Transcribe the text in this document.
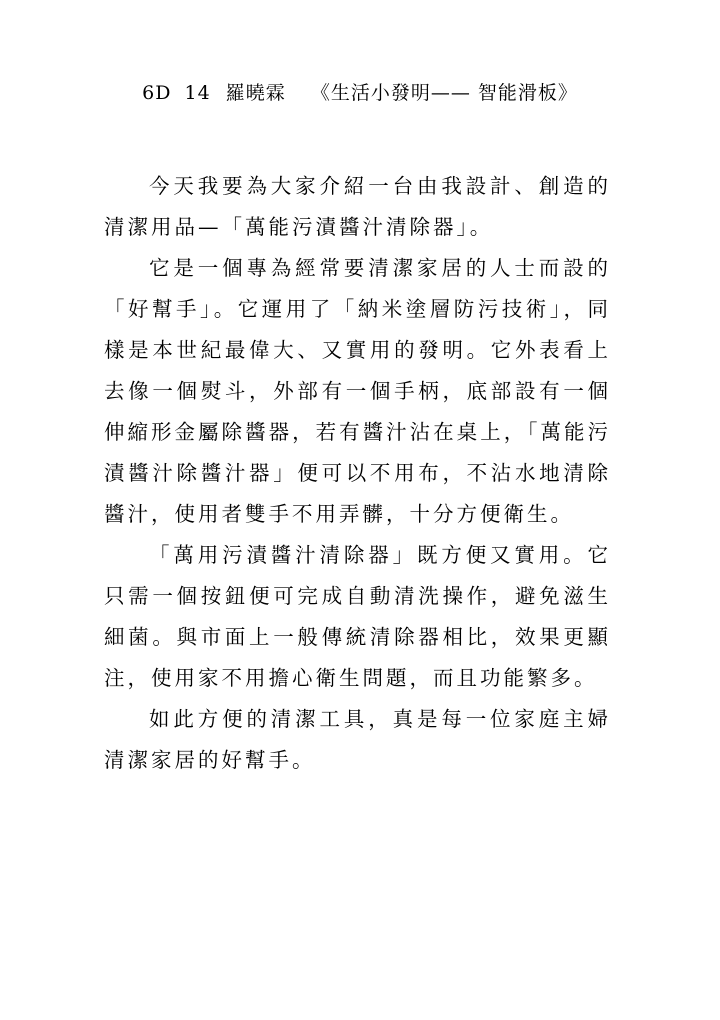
6D 14 羅曉霖 《生活小發明—— 智能滑板》

今天我要為大家介紹一台由我設計、創造的清潔用品—「萬能污漬醬汁清除器」。

它是一個專為經常要清潔家居的人士而設的「好幫手」。它運用了「納米塗層防污技術」，同樣是本世紀最偉大、又實用的發明。它外表看上去像一個熨斗，外部有一個手柄，底部設有一個伸縮形金屬除醬器，若有醬汁沾在桌上，「萬能污漬醬汁除醬汁器」便可以不用布，不沾水地清除醬汁，使用者雙手不用弄髒，十分方便衛生。

「萬用污漬醬汁清除器」既方便又實用。它只需一個按鈕便可完成自動清洗操作，避免滋生細菌。與市面上一般傳統清除器相比，效果更顯注，使用家不用擔心衛生問題，而且功能繁多。

如此方便的清潔工具，真是每一位家庭主婦清潔家居的好幫手。
